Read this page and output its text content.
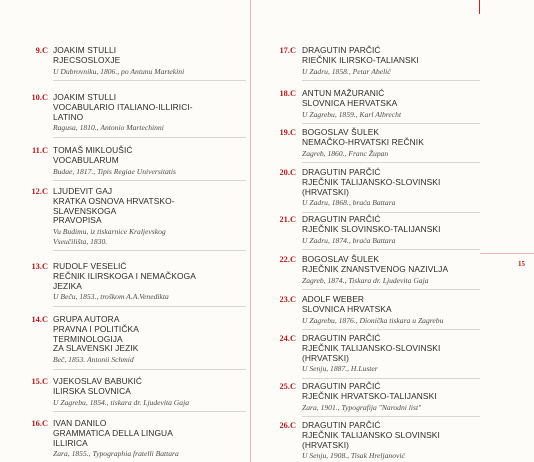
15
9.C JOAKIM STULLI
RJECSOSLOXJE
U Dubrovniku, 1806., po Antunu Martekini
10.C JOAKIM STULLI
VOCABULARIO ITALIANO-ILLIRICI-
LATINO
Ragusa, 1810., Antonio Martechinni
11.C TOMAŠ MIKLOUŠIĆ
VOCABULARUM
Budae, 1817., Tipis Regiae Universitatis
12.C LJUDEVIT GAJ
KRATKA OSNOVA HRVATSKO-
SLAVENSKOGA
PRAVOPISA
Vu Budimu, iz tiskarnice Kraljevskog
Vseučilišta, 1830.
13.C RUDOLF VESELIĆ
REČNIK ILIRSKOGA I NEMAČKOGA
JEZIKA
U Beču, 1853., troškom A.A.Venedikta
14.C GRUPA AUTORA
PRAVNA I POLITIČKA
TERMINOLOGIJA
ZA SLAVENSKI JEZIK
Beč, 1853. Antonii Schmid
15.C VJEKOSLAV BABUKIĆ
ILIRSKA SLOVNICA
U Zagrebu, 1854., tiskara dr. Ljudevita Gaja
16.C IVAN DANILO
GRAMMATICA DELLA LINGUA
ILLIRICA
Zara, 1855., Typographia fratelli Battara
17.C DRAGUTIN PARČIĆ
RIEČNIK ILIRSKO-TALIANSKI
U Zadru, 1858., Petar Abelić
18.C ANTUN MAŽURANIĆ
SLOVNICA HERVATSKA
U Zagrebu, 1859., Karl Albrecht
19.C BOGOSLAV ŠULEK
NEMAČKO-HRVATSKI REČNIK
Zagreb, 1860., Franc Župan
20.C DRAGUTIN PARČIĆ
RJEČNIK TALIJANSKO-SLOVINSKI
(HRVATSKI)
U Zadru, 1868., braća Battara
21.C DRAGUTIN PARČIĆ
RJEČNIK SLOVINSKO-TALIJANSKI
U Zadru, 1874., braća Battara
22.C BOGOSLAV ŠULEK
RJEČNIK ZNANSTVENOG NAZIVLJA
Zagreb, 1874., Tiskara dr. Ljudevita Gaja
23.C ADOLF WEBER
SLOVNICA HRVATSKA
U Zagrebu, 1876., Dionička tiskara u Zagrebu
24.C DRAGUTIN PARČIĆ
RJEČNIK TALIJANSKO-SLOVINSKI
(HRVATSKI)
U Senju, 1887., H.Luster
25.C DRAGUTIN PARČIĆ
RJEČNIK HRVATSKO-TALIJANSKI
Zara, 1901., Typografija "Narodni list"
26.C DRAGUTIN PARČIĆ
RJEČNIK TALIJANSKO SLOVINSKI
(HRVATSKI)
U Senju, 1908., Tisak Hreljanović
